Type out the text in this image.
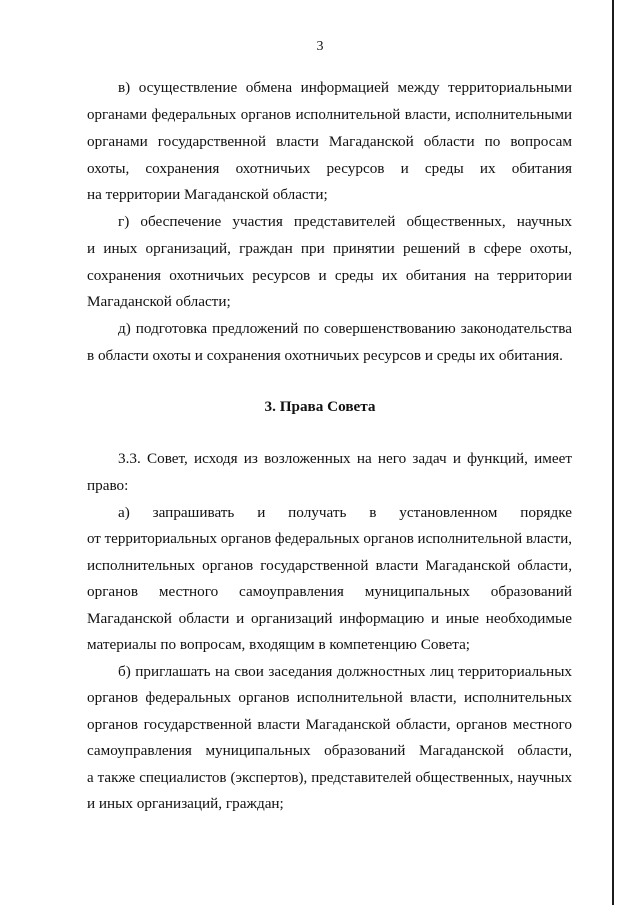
3
в) осуществление обмена информацией между территориальными
органами федеральных органов исполнительной власти, исполнительными
органами государственной власти Магаданской области по вопросам
охоты, сохранения охотничьих ресурсов и среды их обитания
на территории Магаданской области;
г) обеспечение участия представителей общественных, научных
и иных организаций, граждан при принятии решений в сфере охоты,
сохранения охотничьих ресурсов и среды их обитания на территории
Магаданской области;
д) подготовка предложений по совершенствованию законодательства
в области охоты и сохранения охотничьих ресурсов и среды их обитания.
3. Права Совета
3.3. Совет, исходя из возложенных на него задач и функций, имеет
право:
а) запрашивать и получать в установленном порядке
от территориальных органов федеральных органов исполнительной власти,
исполнительных органов государственной власти Магаданской области,
органов местного самоуправления муниципальных образований
Магаданской области и организаций информацию и иные необходимые
материалы по вопросам, входящим в компетенцию Совета;
б) приглашать на свои заседания должностных лиц территориальных
органов федеральных органов исполнительной власти, исполнительных
органов государственной власти Магаданской области, органов местного
самоуправления муниципальных образований Магаданской области,
а также специалистов (экспертов), представителей общественных, научных
и иных организаций, граждан;
